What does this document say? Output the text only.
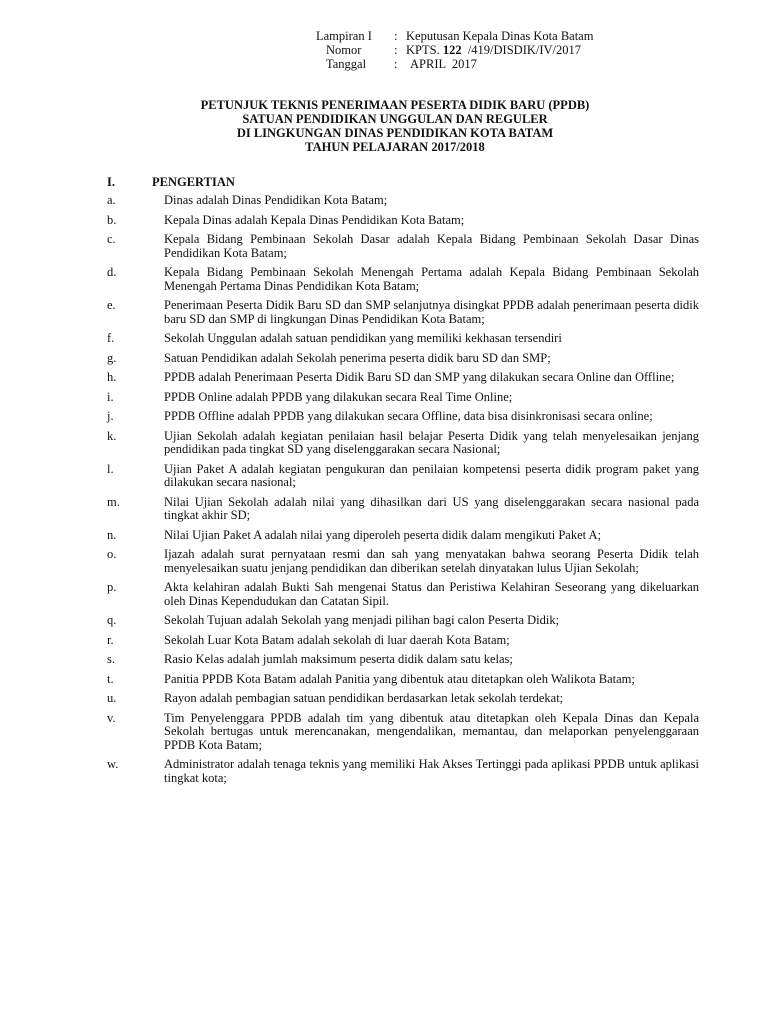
Lampiran I : Keputusan Kepala Dinas Kota Batam
Nomor	: KPTS. 122 /419/DISDIK/IV/2017
Tanggal : APRIL  2017
PETUNJUK TEKNIS PENERIMAAN PESERTA DIDIK BARU (PPDB)
SATUAN PENDIDIKAN UNGGULAN DAN REGULER
DI LINGKUNGAN DINAS PENDIDIKAN KOTA BATAM
TAHUN PELAJARAN 2017/2018
I.	PENGERTIAN
a.	Dinas adalah Dinas Pendidikan Kota Batam;
b.	Kepala Dinas adalah Kepala Dinas Pendidikan Kota Batam;
c.	Kepala Bidang Pembinaan Sekolah Dasar adalah Kepala Bidang Pembinaan Sekolah Dasar Dinas Pendidikan Kota Batam;
d.	Kepala Bidang Pembinaan Sekolah Menengah Pertama adalah Kepala Bidang Pembinaan Sekolah Menengah Pertama Dinas Pendidikan Kota Batam;
e.	Penerimaan Peserta Didik Baru SD dan SMP selanjutnya disingkat PPDB adalah penerimaan peserta didik baru SD dan SMP di lingkungan Dinas Pendidikan Kota Batam;
f.	Sekolah Unggulan adalah satuan pendidikan yang memiliki kekhasan tersendiri
g.	Satuan Pendidikan adalah Sekolah penerima peserta didik baru SD dan SMP;
h.	PPDB adalah Penerimaan Peserta Didik Baru SD dan SMP yang dilakukan secara Online dan Offline;
i.	PPDB Online adalah PPDB yang dilakukan secara Real Time Online;
j.	PPDB Offline adalah PPDB yang dilakukan secara Offline, data bisa disinkronisasi secara online;
k.	Ujian Sekolah adalah kegiatan penilaian hasil belajar Peserta Didik yang telah menyelesaikan jenjang pendidikan pada tingkat SD yang diselenggarakan secara Nasional;
l.	Ujian Paket A adalah kegiatan pengukuran dan penilaian kompetensi peserta didik program paket yang dilakukan secara nasional;
m.	Nilai Ujian Sekolah adalah nilai yang dihasilkan dari US yang diselenggarakan secara nasional pada tingkat akhir SD;
n.	Nilai Ujian Paket A adalah nilai yang diperoleh peserta didik dalam mengikuti Paket A;
o.	Ijazah adalah surat pernyataan resmi dan sah yang menyatakan bahwa seorang Peserta Didik telah menyelesaikan suatu jenjang pendidikan dan diberikan setelah dinyatakan lulus Ujian Sekolah;
p.	Akta kelahiran adalah Bukti Sah mengenai Status dan Peristiwa Kelahiran Seseorang yang dikeluarkan oleh Dinas Kependudukan dan Catatan Sipil.
q.	Sekolah Tujuan adalah Sekolah yang menjadi pilihan bagi calon Peserta Didik;
r.	Sekolah Luar Kota Batam adalah sekolah di luar daerah Kota Batam;
s.	Rasio Kelas adalah jumlah maksimum peserta didik dalam satu kelas;
t.	Panitia PPDB Kota Batam adalah Panitia yang dibentuk atau ditetapkan oleh Walikota Batam;
u.	Rayon adalah pembagian satuan pendidikan berdasarkan letak sekolah terdekat;
v.	Tim Penyelenggara PPDB adalah tim yang dibentuk atau ditetapkan oleh Kepala Dinas dan Kepala Sekolah bertugas untuk merencanakan, mengendalikan, memantau, dan melaporkan penyelenggaraan PPDB Kota Batam;
w.	Administrator adalah tenaga teknis yang memiliki Hak Akses Tertinggi pada aplikasi PPDB untuk aplikasi tingkat kota;
